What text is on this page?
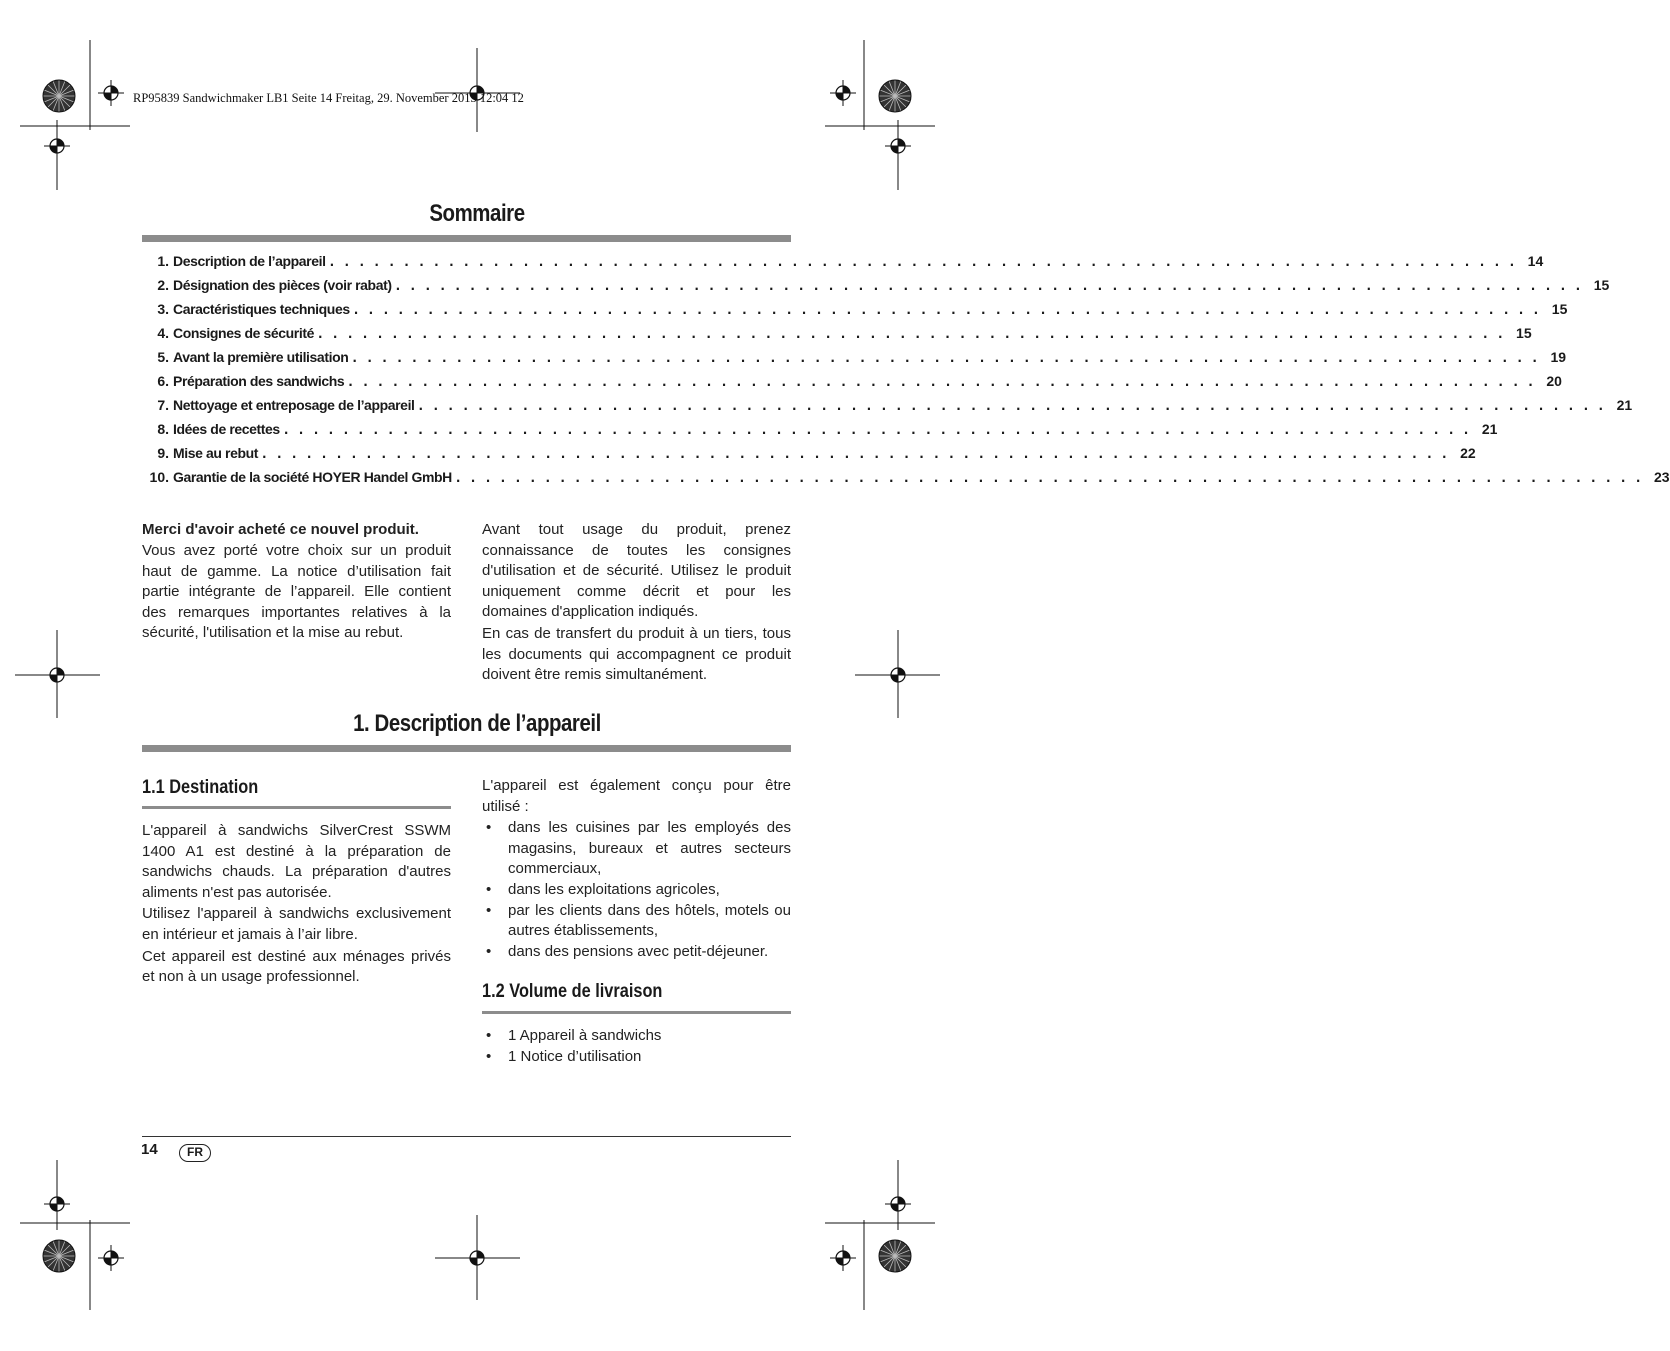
RP95839 Sandwichmaker LB1 Seite 14 Freitag, 29. November 2013 12:04 12
Sommaire
1. Description de l’appareil . . . . . . . . . . . . . . . . . . . . . . . . . . . . . . . . . . . . . . . . . . . . . . . . . . . . . . . . . . . . . . . . . . . . . . . . . . . . . . . . 14
2. Désignation des pièces (voir rabat) . . . . . . . . . . . . . . . . . . . . . . . . . . . . . . . . . . . . . . . . . . . . . . . . . . . . . . . . . . . . . . . . . . . . . . . . . . . . . . . . 15
3. Caractéristiques techniques . . . . . . . . . . . . . . . . . . . . . . . . . . . . . . . . . . . . . . . . . . . . . . . . . . . . . . . . . . . . . . . . . . . . . . . . . . . . . . . . 15
4. Consignes de sécurité . . . . . . . . . . . . . . . . . . . . . . . . . . . . . . . . . . . . . . . . . . . . . . . . . . . . . . . . . . . . . . . . . . . . . . . . . . . . . . . . 15
5. Avant la première utilisation . . . . . . . . . . . . . . . . . . . . . . . . . . . . . . . . . . . . . . . . . . . . . . . . . . . . . . . . . . . . . . . . . . . . . . . . . . . . . . . . 19
6. Préparation des sandwichs . . . . . . . . . . . . . . . . . . . . . . . . . . . . . . . . . . . . . . . . . . . . . . . . . . . . . . . . . . . . . . . . . . . . . . . . . . . . . . . . 20
7. Nettoyage et entreposage de l’appareil . . . . . . . . . . . . . . . . . . . . . . . . . . . . . . . . . . . . . . . . . . . . . . . . . . . . . . . . . . . . . . . . . . . . . . . . . . . . . . . . 21
8. Idées de recettes . . . . . . . . . . . . . . . . . . . . . . . . . . . . . . . . . . . . . . . . . . . . . . . . . . . . . . . . . . . . . . . . . . . . . . . . . . . . . . . . 21
9. Mise au rebut . . . . . . . . . . . . . . . . . . . . . . . . . . . . . . . . . . . . . . . . . . . . . . . . . . . . . . . . . . . . . . . . . . . . . . . . . . . . . . . . 22
10. Garantie de la société HOYER Handel GmbH . . . . . . . . . . . . . . . . . . . . . . . . . . . . . . . . . . . . . . . . . . . . . . . . . . . . . . . . . . . . . . . . . . . . . . . . . . . . . . . . 23

Merci d'avoir acheté ce nouvel produit.

Vous avez porté votre choix sur un produit haut de gamme. La notice d’utilisation fait partie intégrante de l’appareil. Elle contient des remarques importantes relatives à la sécurité, l'utilisation et la mise au rebut.

Avant tout usage du produit, prenez connaissance de toutes les consignes d'utilisation et de sécurité. Utilisez le produit uniquement comme décrit et pour les domaines d'application indiqués.

En cas de transfert du produit à un tiers, tous les documents qui accompagnent ce produit doivent être remis simultanément.

1. Description de l’appareil
1.1 Destination

L'appareil à sandwichs SilverCrest SSWM 1400 A1 est destiné à la préparation de sandwichs chauds. La préparation d'autres aliments n'est pas autorisée.

Utilisez l'appareil à sandwichs exclusivement en intérieur et jamais à l’air libre.

Cet appareil est destiné aux ménages privés et non à un usage professionnel.

L'appareil est également conçu pour être utilisé :

• dans les cuisines par les employés des magasins, bureaux et autres secteurs commerciaux,
• dans les exploitations agricoles,
• par les clients dans des hôtels, motels ou autres établissements,
• dans des pensions avec petit-déjeuner.
1.2 Volume de livraison
• 1 Appareil à sandwichs
• 1 Notice d’utilisation
14	FR
